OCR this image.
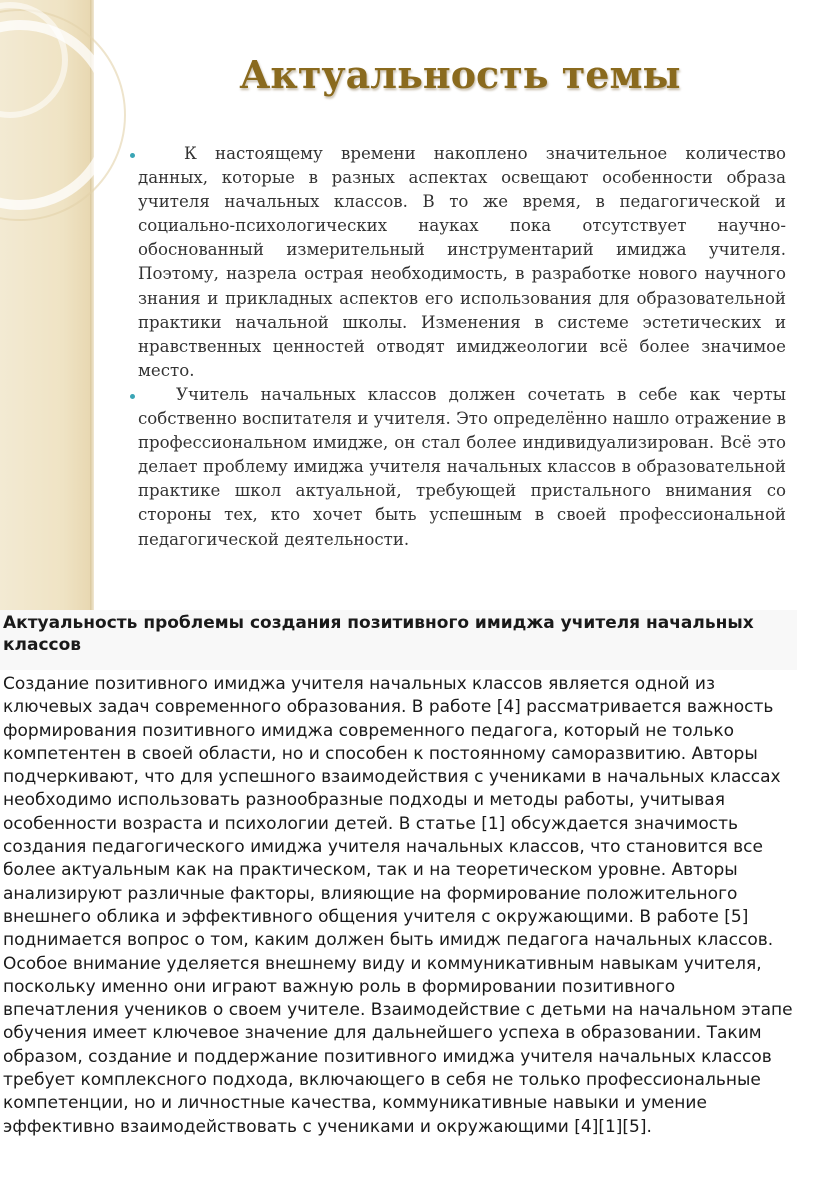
Актуальность темы
К настоящему времени накоплено значительное количество данных, которые в разных аспектах освещают особенности образа учителя начальных классов. В то же время, в педагогической и социально-психологических науках пока отсутствует научно-обоснованный измерительный инструментарий имиджа учителя. Поэтому, назрела острая необходимость, в разработке нового научного знания и прикладных аспектов его использования для образовательной практики начальной школы. Изменения в системе эстетических и нравственных ценностей отводят имиджеологии всё более значимое место.
Учитель начальных классов должен сочетать в себе как черты собственно воспитателя и учителя. Это определённо нашло отражение в профессиональном имидже, он стал более индивидуализирован. Всё это делает проблему имиджа учителя начальных классов в образовательной практике школ актуальной, требующей пристального внимания со стороны тех, кто хочет быть успешным в своей профессиональной педагогической деятельности.
Актуальность проблемы создания позитивного имиджа учителя начальных классов

Создание позитивного имиджа учителя начальных классов является одной из ключевых задач современного образования. В работе [4] рассматривается важность формирования позитивного имиджа современного педагога, который не только компетентен в своей области, но и способен к постоянному саморазвитию. Авторы подчеркивают, что для успешного взаимодействия с учениками в начальных классах необходимо использовать разнообразные подходы и методы работы, учитывая особенности возраста и психологии детей. В статье [1] обсуждается значимость создания педагогического имиджа учителя начальных классов, что становится все более актуальным как на практическом, так и на теоретическом уровне. Авторы анализируют различные факторы, влияющие на формирование положительного внешнего облика и эффективного общения учителя с окружающими. В работе [5] поднимается вопрос о том, каким должен быть имидж педагога начальных классов. Особое внимание уделяется внешнему виду и коммуникативным навыкам учителя, поскольку именно они играют важную роль в формировании позитивного впечатления учеников о своем учителе. Взаимодействие с детьми на начальном этапе обучения имеет ключевое значение для дальнейшего успеха в образовании. Таким образом, создание и поддержание позитивного имиджа учителя начальных классов требует комплексного подхода, включающего в себя не только профессиональные компетенции, но и личностные качества, коммуникативные навыки и умение эффективно взаимодействовать с учениками и окружающими [4][1][5].
